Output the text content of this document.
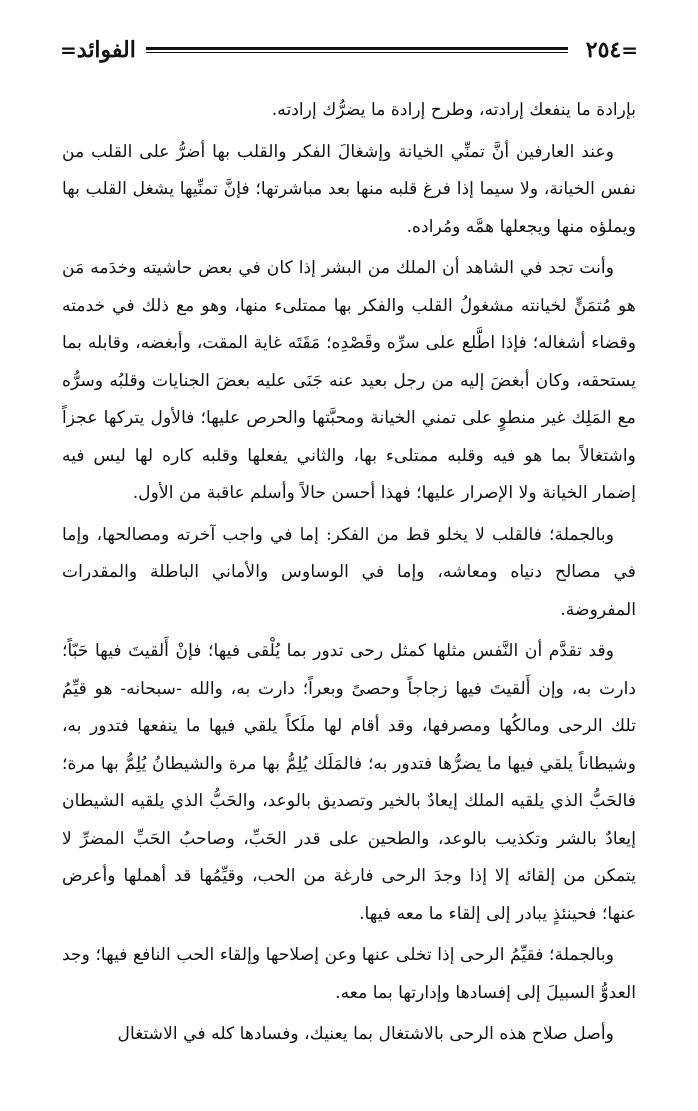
=
٢٥٤
الفوائد
=

بإرادة ما ينفعك إرادته، وطرح إرادة ما يضرُّك إرادته.

وعند العارفين أنَّ تمنِّي الخيانة وإشغالَ الفكر والقلب بها أضرُّ على القلب من نفس الخيانة، ولا سيما إذا فرغ قلبه منها بعد مباشرتها؛ فإنَّ تمنِّيها يشغل القلب بها ويملؤه منها ويجعلها همَّه ومُراده.

وأنت تجد في الشاهد أن الملك من البشر إذا كان في بعض حاشيته وخدَمه مَن هو مُتمَنٍّ لخيانته مشغولُ القلب والفكر بها ممتلىء منها، وهو مع ذلك في خدمته وقضاء أشغاله؛ فإذا اطَّلع على سرِّه وقَصْدِه؛ مَقَتَه غاية المقت، وأبغضه، وقابله بما يستحقه، وكان أبغضَ إليه من رجل بعيد عنه جَنَى عليه بعضَ الجنايات وقلبُه وسرُّه مع المَلِك غير منطوٍ على تمني الخيانة ومحبَّتها والحرص عليها؛ فالأول يتركها عجزاً واشتغالاً بما هو فيه وقلبه ممتلىء بها، والثاني يفعلها وقلبه كاره لها ليس فيه إضمار الخيانة ولا الإصرار عليها؛ فهذا أحسن حالاً وأسلم عاقبة من الأول.

وبالجملة؛ فالقلب لا يخلو قط من الفكر: إما في واجب آخرته ومصالحها، وإما في مصالح دنياه ومعاشه، وإما في الوساوس والأماني الباطلة والمقدرات المفروضة.

وقد تقدَّم أن النَّفس مثلها كمثل رحى تدور بما يُلْقى فيها؛ فإنْ أَلقيتَ فيها حَبّاً؛ دارت به، وإن أَلقيتَ فيها زجاجاً وحصىً وبعراً؛ دارت به، والله -سبحانه- هو قيِّمُ تلك الرحى ومالكُها ومصرفها، وقد أقام لها ملَكاً يلقي فيها ما ينفعها فتدور به، وشيطاناً يلقي فيها ما يضرُّها فتدور به؛ فالمَلَك يُلِمُّ بها مرة والشيطانُ يُلِمُّ بها مرة؛ فالحَبُّ الذي يلقيه الملك إيعادٌ بالخير وتصديق بالوعد، والحَبُّ الذي يلقيه الشيطان إيعادٌ بالشر وتكذيب بالوعد، والطحين على قدر الحَبِّ، وصاحبُ الحَبِّ المضرِّ لا يتمكن من إلقائه إلا إذا وجدَ الرحى فارغة من الحب، وقيِّمُها قد أهملها وأعرض عنها؛ فحينئذٍ يبادر إلى إلقاء ما معه فيها.

وبالجملة؛ فقيِّمُ الرحى إذا تخلى عنها وعن إصلاحها وإلقاء الحب النافع فيها؛ وجد العدوُّ السبيلَ إلى إفسادها وإدارتها بما معه.

وأصل صلاح هذه الرحى بالاشتغال بما يعنيك، وفسادها كله في الاشتغال
